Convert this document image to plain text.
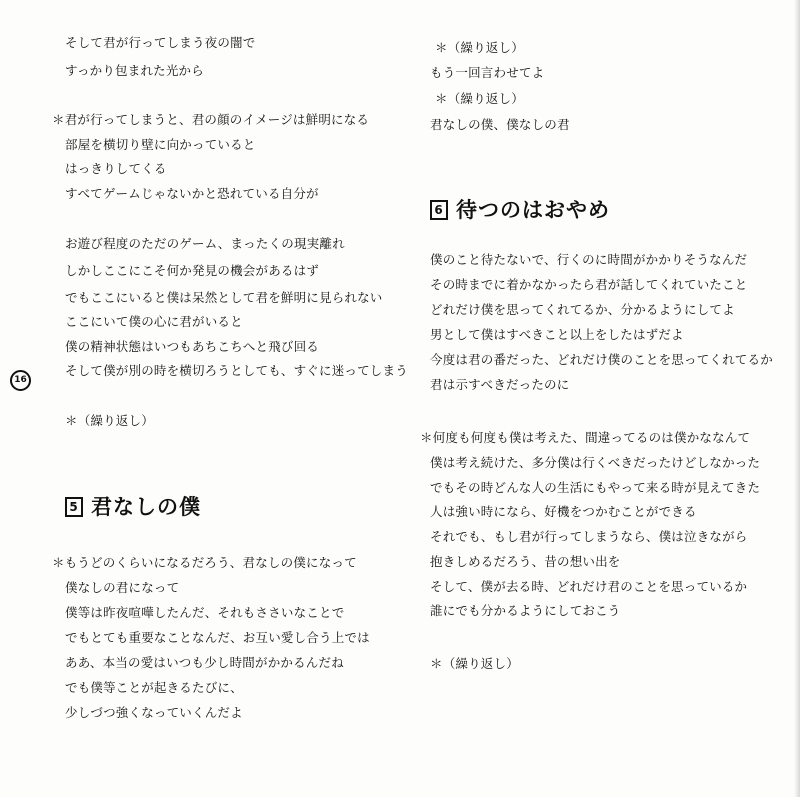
そして君が行ってしまう夜の闇で
すっかり包まれた光から
＊君が行ってしまうと、君の顔のイメージは鮮明になる
部屋を横切り壁に向かっていると
はっきりしてくる
すべてゲームじゃないかと恐れている自分が
お遊び程度のただのゲーム、まったくの現実離れ
しかしここにこそ何か発見の機会があるはず
でもここにいると僕は呆然として君を鮮明に見られない
ここにいて僕の心に君がいると
僕の精神状態はいつもあちこちへと飛び回る
そして僕が別の時を横切ろうとしても、すぐに迷ってしまう
＊（繰り返し）
5 君なしの僕
＊もうどのくらいになるだろう、君なしの僕になって
僕なしの君になって
僕等は昨夜喧嘩したんだ、それもささいなことで
でもとても重要なことなんだ、お互い愛し合う上では
ああ、本当の愛はいつも少し時間がかかるんだね
でも僕等ことが起きるたびに、
少しづつ強くなっていくんだよ
16
＊（繰り返し）
もう一回言わせてよ
＊（繰り返し）
君なしの僕、僕なしの君
6 待つのはおやめ
僕のこと待たないで、行くのに時間がかかりそうなんだ
その時までに着かなかったら君が話してくれていたこと
どれだけ僕を思ってくれてるか、分かるようにしてよ
男として僕はすべきこと以上をしたはずだよ
今度は君の番だった、どれだけ僕のことを思ってくれてるか
君は示すべきだったのに
＊何度も何度も僕は考えた、間違ってるのは僕かななんて
僕は考え続けた、多分僕は行くべきだったけどしなかった
でもその時どんな人の生活にもやって来る時が見えてきた
人は強い時になら、好機をつかむことができる
それでも、もし君が行ってしまうなら、僕は泣きながら
抱きしめるだろう、昔の想い出を
そして、僕が去る時、どれだけ君のことを思っているか
誰にでも分かるようにしておこう
＊（繰り返し）
